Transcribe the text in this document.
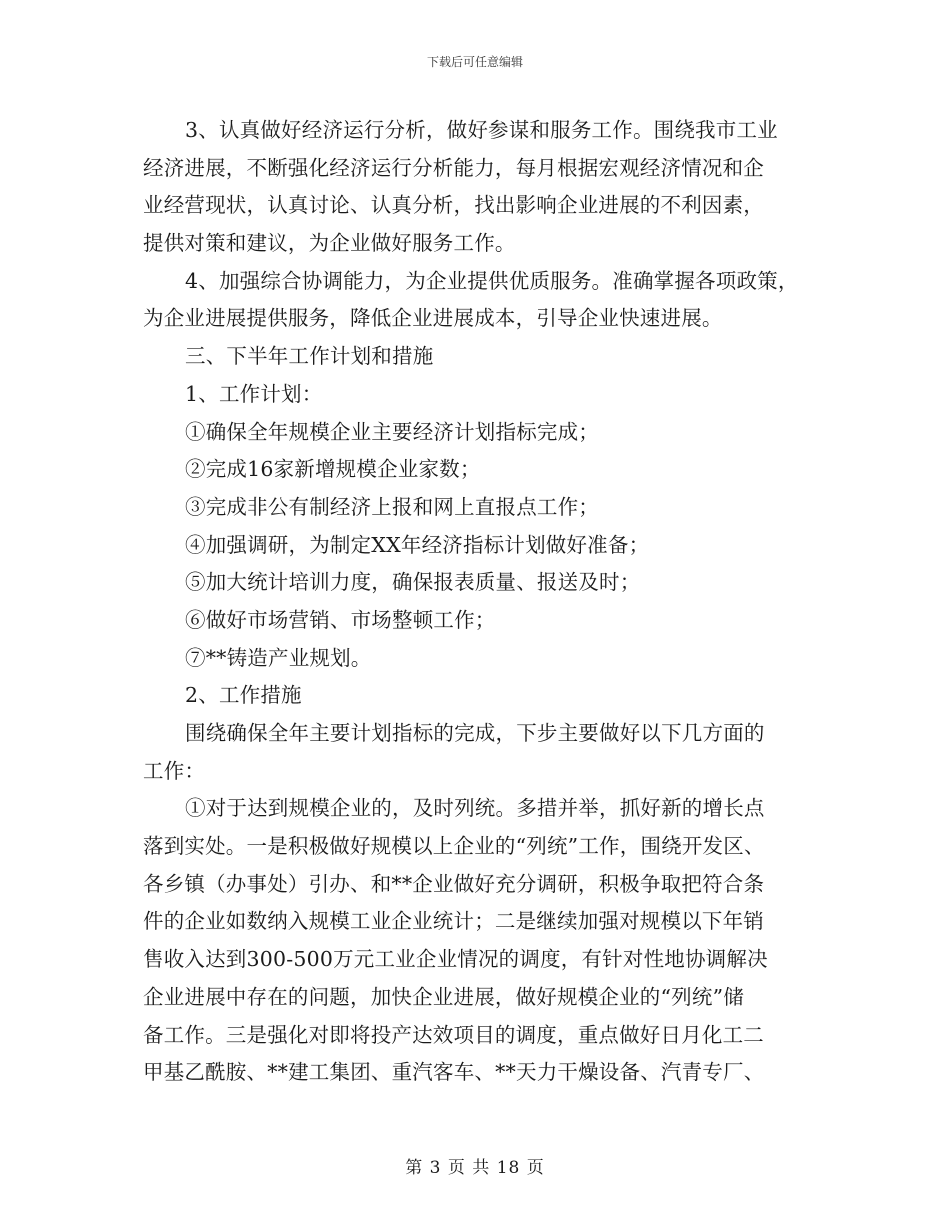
下载后可任意编辑
3、认真做好经济运行分析，做好参谋和服务工作。围绕我市工业
经济进展，不断强化经济运行分析能力，每月根据宏观经济情况和企
业经营现状，认真讨论、认真分析，找出影响企业进展的不利因素，
提供对策和建议，为企业做好服务工作。
4、加强综合协调能力，为企业提供优质服务。准确掌握各项政策，
为企业进展提供服务，降低企业进展成本，引导企业快速进展。
三、下半年工作计划和措施
1、工作计划：
①确保全年规模企业主要经济计划指标完成；
②完成16家新增规模企业家数；
③完成非公有制经济上报和网上直报点工作；
④加强调研，为制定XX年经济指标计划做好准备；
⑤加大统计培训力度，确保报表质量、报送及时；
⑥做好市场营销、市场整顿工作；
⑦**铸造产业规划。
2、工作措施
围绕确保全年主要计划指标的完成，下步主要做好以下几方面的
工作：
①对于达到规模企业的，及时列统。多措并举，抓好新的增长点
落到实处。一是积极做好规模以上企业的“列统”工作，围绕开发区、
各乡镇（办事处）引办、和**企业做好充分调研，积极争取把符合条
件的企业如数纳入规模工业企业统计；二是继续加强对规模以下年销
售收入达到300-500万元工业企业情况的调度，有针对性地协调解决
企业进展中存在的问题，加快企业进展，做好规模企业的“列统”储
备工作。三是强化对即将投产达效项目的调度，重点做好日月化工二
甲基乙酰胺、**建工集团、重汽客车、**天力干燥设备、汽青专厂、
第 3 页 共 18 页
